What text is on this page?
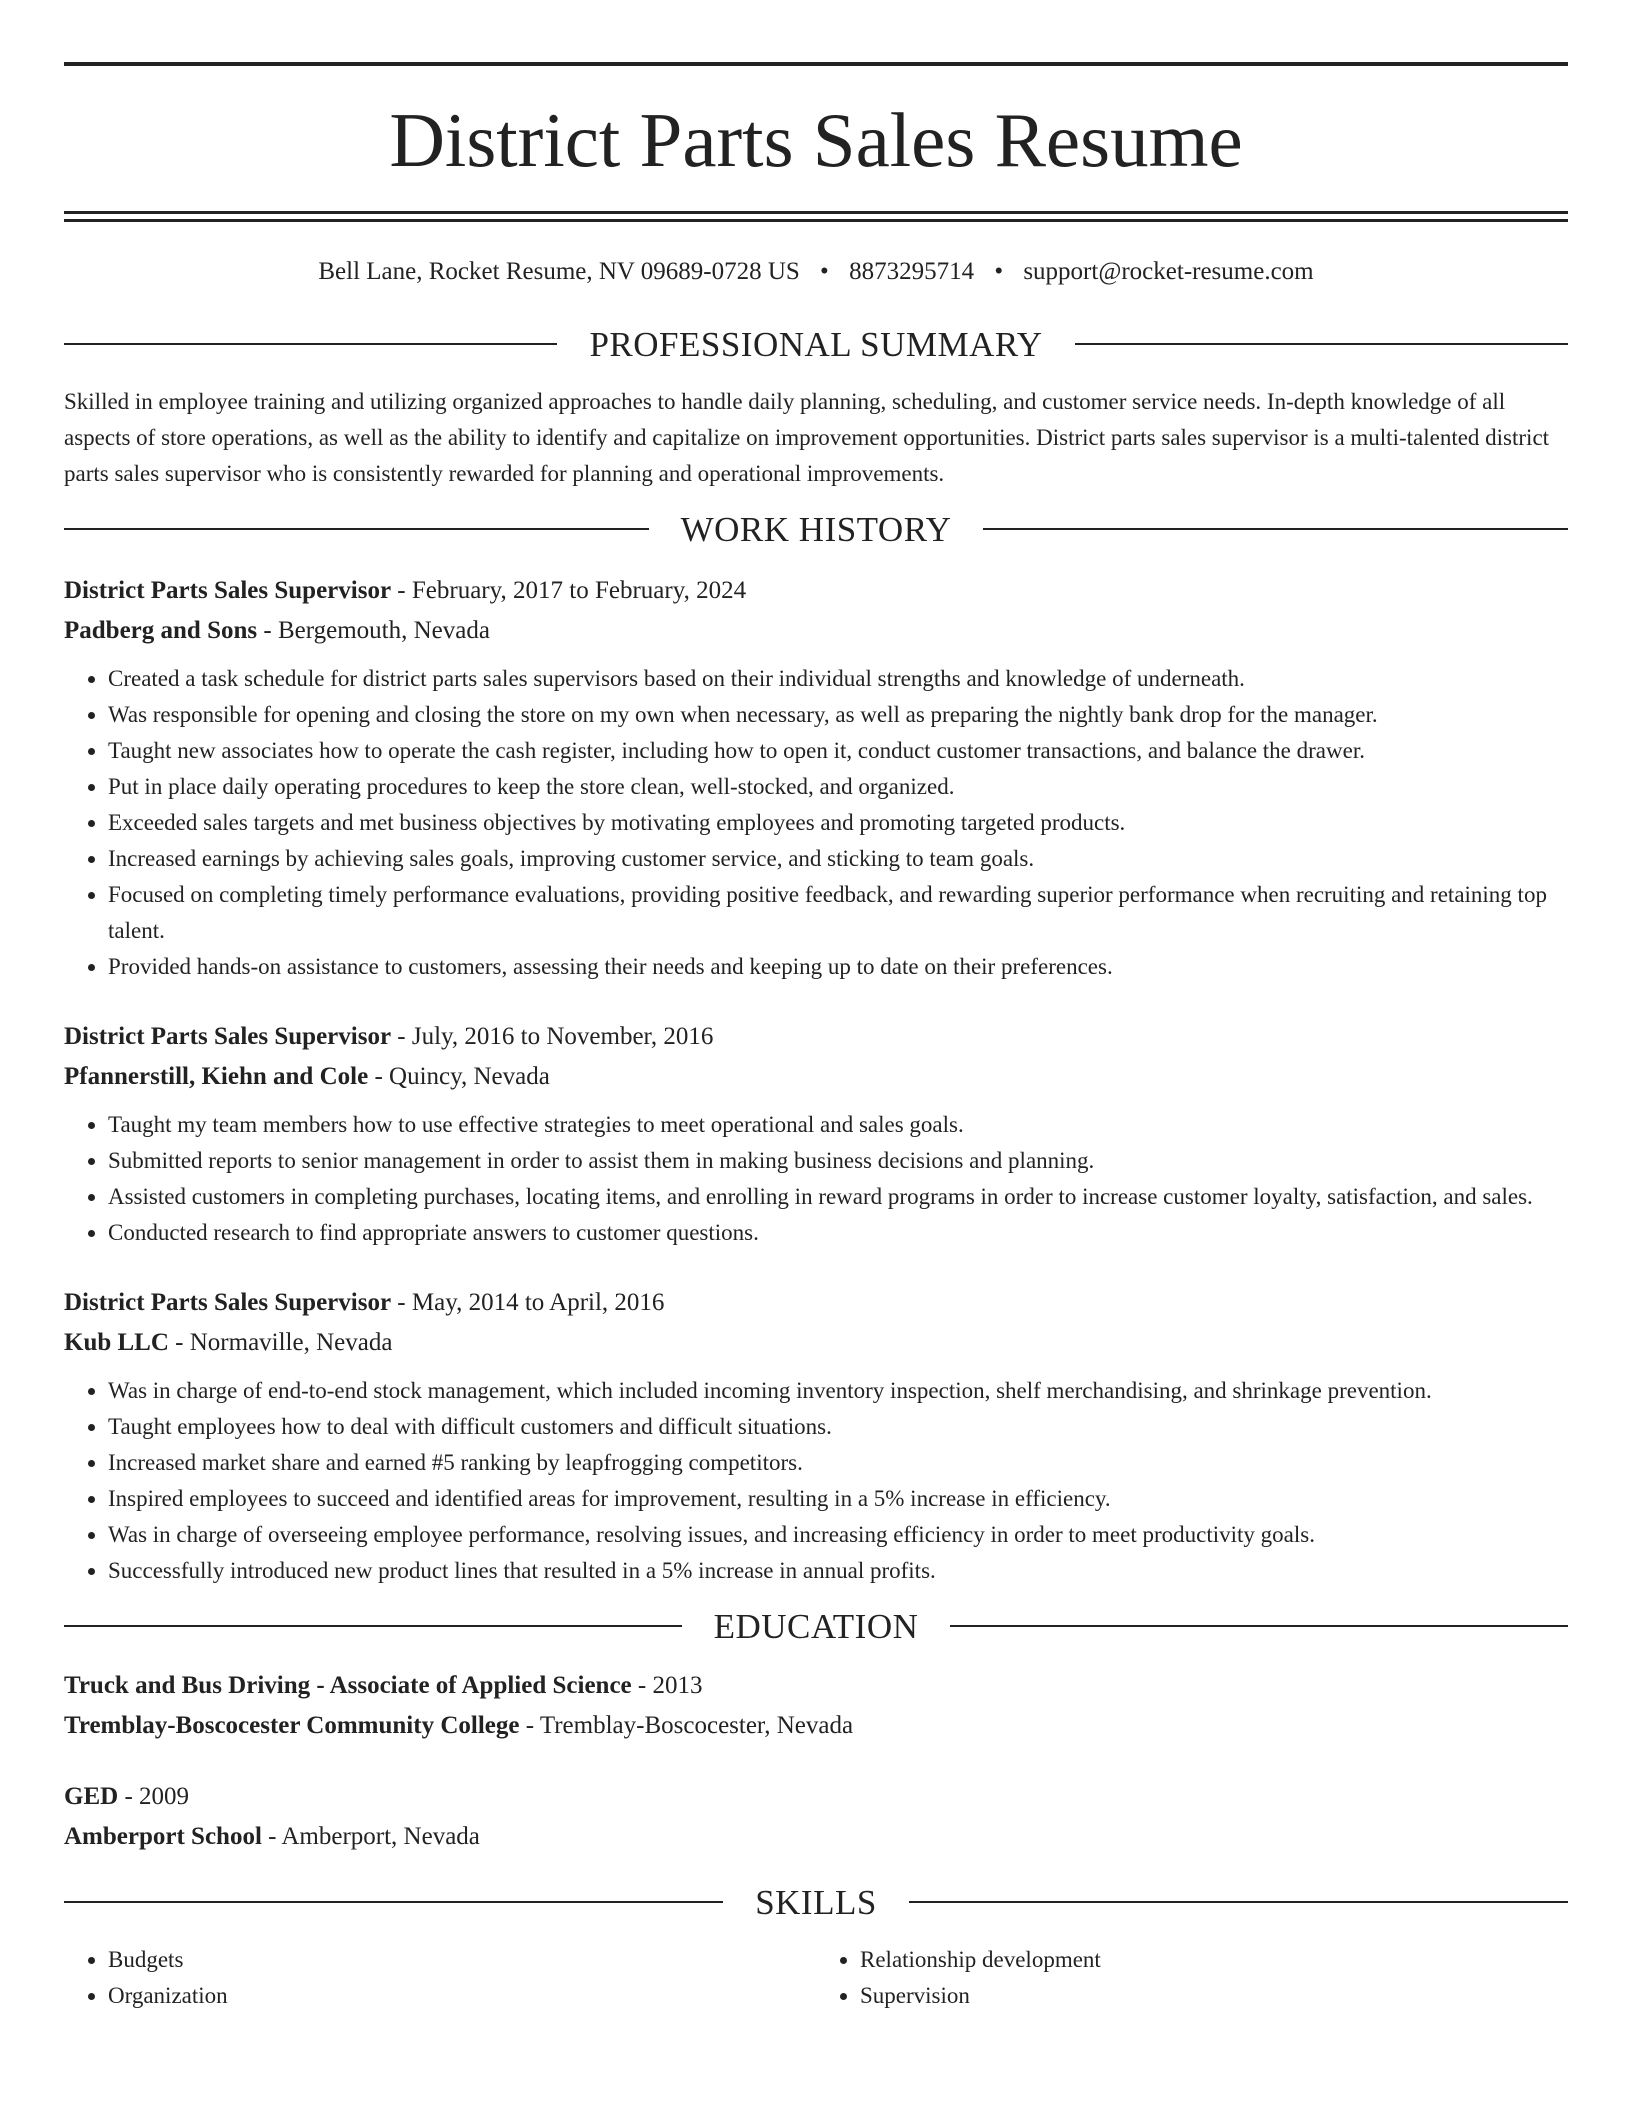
District Parts Sales Resume
Bell Lane, Rocket Resume, NV 09689-0728 US • 8873295714 • support@rocket-resume.com
PROFESSIONAL SUMMARY

Skilled in employee training and utilizing organized approaches to handle daily planning, scheduling, and customer service needs. In-depth knowledge of all aspects of store operations, as well as the ability to identify and capitalize on improvement opportunities. District parts sales supervisor is a multi-talented district parts sales supervisor who is consistently rewarded for planning and operational improvements.

WORK HISTORY
District Parts Sales Supervisor - February, 2017 to February, 2024
Padberg and Sons - Bergemouth, Nevada
• Created a task schedule for district parts sales supervisors based on their individual strengths and knowledge of underneath.
• Was responsible for opening and closing the store on my own when necessary, as well as preparing the nightly bank drop for the manager.
• Taught new associates how to operate the cash register, including how to open it, conduct customer transactions, and balance the drawer.
• Put in place daily operating procedures to keep the store clean, well-stocked, and organized.
• Exceeded sales targets and met business objectives by motivating employees and promoting targeted products.
• Increased earnings by achieving sales goals, improving customer service, and sticking to team goals.
• Focused on completing timely performance evaluations, providing positive feedback, and rewarding superior performance when recruiting and retaining top talent.
• Provided hands-on assistance to customers, assessing their needs and keeping up to date on their preferences.
District Parts Sales Supervisor - July, 2016 to November, 2016
Pfannerstill, Kiehn and Cole - Quincy, Nevada
• Taught my team members how to use effective strategies to meet operational and sales goals.
• Submitted reports to senior management in order to assist them in making business decisions and planning.
• Assisted customers in completing purchases, locating items, and enrolling in reward programs in order to increase customer loyalty, satisfaction, and sales.
• Conducted research to find appropriate answers to customer questions.
District Parts Sales Supervisor - May, 2014 to April, 2016
Kub LLC - Normaville, Nevada
• Was in charge of end-to-end stock management, which included incoming inventory inspection, shelf merchandising, and shrinkage prevention.
• Taught employees how to deal with difficult customers and difficult situations.
• Increased market share and earned #5 ranking by leapfrogging competitors.
• Inspired employees to succeed and identified areas for improvement, resulting in a 5% increase in efficiency.
• Was in charge of overseeing employee performance, resolving issues, and increasing efficiency in order to meet productivity goals.
• Successfully introduced new product lines that resulted in a 5% increase in annual profits.
EDUCATION
Truck and Bus Driving - Associate of Applied Science - 2013
Tremblay-Boscocester Community College - Tremblay-Boscocester, Nevada
GED - 2009
Amberport School - Amberport, Nevada
SKILLS
• Budgets
• Organization
• Relationship development
• Supervision
